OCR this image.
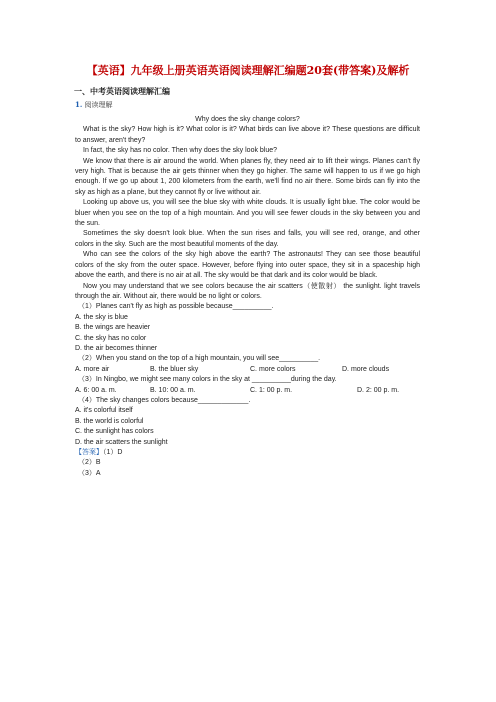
【英语】九年级上册英语英语阅读理解汇编题20套(带答案)及解析
一、中考英语阅读理解汇编
1. 阅读理解

Why does the sky change colors?

What is the sky? How high is it? What color is it? What birds can live above it? These questions are difficult to answer, aren't they?

In fact, the sky has no color. Then why does the sky look blue?

We know that there is air around the world. When planes fly, they need air to lift their wings. Planes can't fly very high. That is because the air gets thinner when they go higher. The same will happen to us if we go high enough. If we go up about 1, 200 kilometers from the earth, we'll find no air there. Some birds can fly into the sky as high as a plane, but they cannot fly or live without air.

Looking up above us, you will see the blue sky with white clouds. It is usually light blue. The color would be bluer when you see on the top of a high mountain. And you will see fewer clouds in the sky between you and the sun.

Sometimes the sky doesn't look blue. When the sun rises and falls, you will see red, orange, and other colors in the sky. Such are the most beautiful moments of the day.

Who can see the colors of the sky high above the earth? The astronauts! They can see those beautiful colors of the sky from the outer space. However, before flying into outer space, they sit in a spaceship high above the earth, and there is no air at all. The sky would be that dark and its color would be black.

Now you may understand that we see colors because the air scatters（使散射） the sunlight. light travels through the air. Without air, there would be no light or colors.

（1）Planes can't fly as high as possible because__________.

A. the sky is blue

B. the wings are heavier

C. the sky has no color

D. the air becomes thinner

（2）When you stand on the top of a high mountain, you will see__________.

A. more air	B. the bluer sky	C. more colors	D. more clouds

（3）In Ningbo, we might see many colors in the sky at __________during the day.

A. 6: 00 a. m.	B. 10: 00 a. m.	C. 1: 00 p. m.	D. 2: 00 p. m.

（4）The sky changes colors because_____________.

A. it's colorful itself

B. the world is colorful

C. the sunlight has colors

D. the air scatters the sunlight

【答案】（1）D

（2）B

（3）A
